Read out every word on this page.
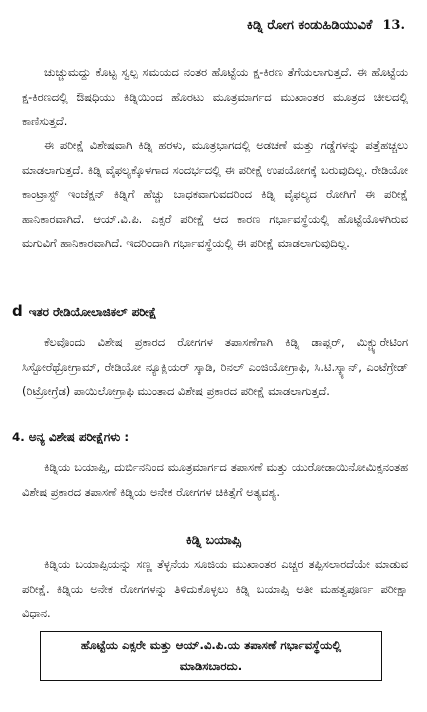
ಕಿಡ್ನಿ ರೋಗ ಕಂಡುಹಿಡಿಯುವಿಕೆ 13.
ಚುಚ್ಚುಮದ್ದು ಕೊಟ್ಟ ಸ್ವಲ್ಪ ಸಮಯದ ನಂತರ ಹೊಟ್ಟೆಯ ಕ್ಷ-ಕಿರಣ ತೆಗೆಯಲಾಗುತ್ತದೆ. ಈ ಹೊಟ್ಟೆಯ ಕ್ಷ-ಕಿರಣದಲ್ಲಿ ಔಷಧಿಯು ಕಿಡ್ನಿಯಿಂದ ಹೊರಟು ಮೂತ್ರಮಾರ್ಗದ ಮುಖಾಂತರ ಮೂತ್ರದ ಚೀಲದಲ್ಲಿ ಕಾಣಿಸುತ್ತದೆ.
ಈ ಪರೀಕ್ಷೆ ವಿಶೇಷವಾಗಿ ಕಿಡ್ನಿ ಹರಳು, ಮೂತ್ರಭಾಗದಲ್ಲಿ ಅಡಚಣೆ ಮತ್ತು ಗಡ್ಡೆಗಳನ್ನು ಪತ್ತೆಹಚ್ಚಲು ಮಾಡಲಾಗುತ್ತದೆ. ಕಿಡ್ನಿ ವೈಫಲ್ಯಕ್ಕೊಳಗಾದ ಸಂದರ್ಭದಲ್ಲಿ ಈ ಪರೀಕ್ಷೆ ಉಪಯೋಗಕ್ಕೆ ಬರುವುದಿಲ್ಲ. ರೇಡಿಯೋ ಕಾಂಟ್ರಾಸ್ಟ್ ಇಂಜೆಕ್ಷನ್ ಕಿಡ್ನಿಗೆ ಹೆಚ್ಚು ಬಾಧಕವಾಗುವದರಿಂದ ಕಿಡ್ನಿ ವೈಫಲ್ಯದ ರೋಗಿಗೆ ಈ ಪರೀಕ್ಷೆ ಹಾನಿಕಾರವಾಗಿದೆ. ಆಯ್.ವಿ.ಪಿ. ಎಕ್ಸರೆ ಪರೀಕ್ಷೆ ಆದ ಕಾರಣ ಗರ್ಭಾವಸ್ಥೆಯಲ್ಲಿ ಹೊಟ್ಟೆಯೊಳಗಿರುವ ಮಗುವಿಗೆ ಹಾನಿಕಾರವಾಗಿದೆ. ಇದರಿಂದಾಗಿ ಗರ್ಭಾವಸ್ಥೆಯಲ್ಲಿ ಈ ಪರೀಕ್ಷೆ ಮಾಡಲಾಗುವುದಿಲ್ಲ.
d ಇತರ ರೇಡಿಯೋಲಾಜಿಕಲ್ ಪರೀಕ್ಷೆ
ಕೆಲವೊಂದು ವಿಶೇಷ ಪ್ರಕಾರದ ರೋಗಗಳ ತಪಾಸಣೆಗಾಗಿ ಕಿಡ್ನಿ ಡಾಪ್ಲರ್, ಮಿಕ್ಚ್ಯುರೇಟಿಂಗ ಸಿಸ್ಟೋರೆಥ್ರೋಗ್ರಾಮ್, ರೇಡಿಯೋ ನ್ಯೂಕ್ಲಿಯರ್ ಸ್ಕಾಡಿ, ರಿನಲ್ ಎಂಜಿಯೋಗ್ರಾಫಿ, ಸಿ.ಟಿ.ಸ್ಕ್ಯಾನ್, ಎಂಟೆಗ್ರೇಡ್ (ರಿಟ್ರೋಗ್ರೆಡ) ಪಾಯಿಲೋಗ್ರಾಫಿ ಮುಂತಾದ ವಿಶೇಷ ಪ್ರಕಾರದ ಪರೀಕ್ಷೆ ಮಾಡಲಾಗುತ್ತದೆ.
4. ಅನ್ಯ ವಿಶೇಷ ಪರೀಕ್ಷೆಗಳು :
ಕಿಡ್ನಿಯ ಬಯಾಪ್ಸಿ, ದುರ್ಬಿನನಿಂದ ಮೂತ್ರಮಾರ್ಗದ ತಪಾಸಣೆ ಮತ್ತು ಯುರೋಡಾಯಿನೋಮಿಕ್ಸನಂತಹ ವಿಶೇಷ ಪ್ರಕಾರದ ತಪಾಸಣೆ ಕಿಡ್ನಿಯ ಅನೇಕ ರೋಗಗಳ ಚಿಕಿತ್ಸೆಗೆ ಅತ್ಯವಶ್ಯ.
ಕಿಡ್ನಿ ಬಯಾಪ್ಸಿ
ಕಿಡ್ನಿಯ ಬಯಾಪ್ಸಿಯನ್ನು ಸಣ್ಣ ತೆಳ್ಳನೆಯ ಸೂಜಿಯ ಮುಖಾಂತರ ಎಚ್ಚರ ತಪ್ಪಿಸಲಾರದೆಯೇ ಮಾಡುವ ಪರೀಕ್ಷೆ. ಕಿಡ್ನಿಯ ಅನೇಕ ರೋಗಗಳನ್ನು ತಿಳಿದುಕೊಳ್ಳಲು ಕಿಡ್ನಿ ಬಯಾಪ್ಸಿ ಅತೀ ಮಹತ್ವಪೂರ್ಣ ಪರೀಕ್ಷಾ ವಿಧಾನ.
ಹೊಟ್ಟೆಯ ಎಕ್ಸರೇ ಮತ್ತು ಆಯ್.ವಿ.ಪಿ.ಯ ತಪಾಸಣೆ ಗರ್ಭಾವಸ್ಥೆಯಲ್ಲಿ
ಮಾಡಿಸಬಾರದು.
